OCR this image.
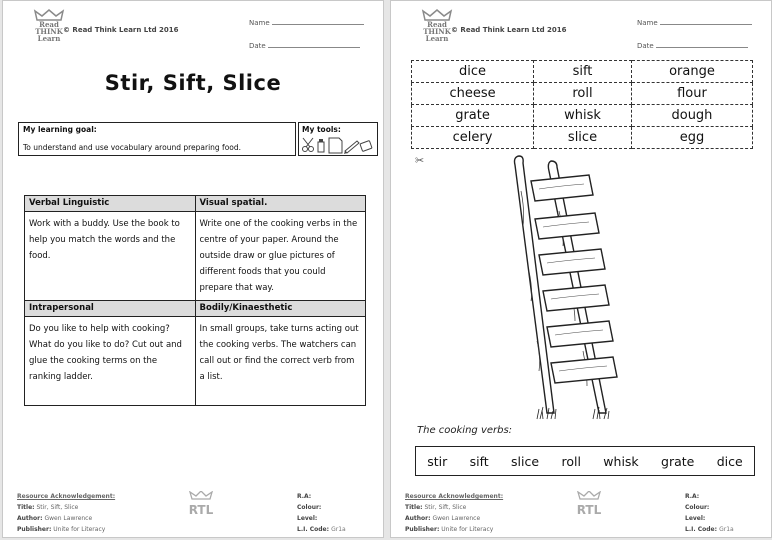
Read
THINK
Learn
© Read Think Learn Ltd 2016
Name
Date
Stir, Sift, Slice
My learning goal:
To understand and use vocabulary around preparing food.
My tools:
Verbal Linguistic	Visual spatial.
Work with a buddy. Use the book to help you match the words and the food.	Write one of the cooking verbs in the centre of your paper. Around the outside draw or glue pictures of different foods that you could prepare that way.
Intrapersonal	Bodily/Kinaesthetic
Do you like to help with cooking? What do you like to do? Cut out and glue the cooking terms on the ranking ladder.	In small groups, take turns acting out the cooking verbs. The watchers can call out or find the correct verb from a list.
Resource Acknowledgement:
Title: Stir, Sift, Slice
Author: Gwen Lawrence
Publisher: Unite for Literacy
RTL
R.A:
Colour:
Level:
L.I. Code: Gr1a
Read
THINK
Learn
© Read Think Learn Ltd 2016
Name
Date
dice	sift	orange
cheese	roll	flour
grate	whisk	dough
celery	slice	egg
✂
The cooking verbs:
stir sift slice roll whisk grate dice
Resource Acknowledgement:
Title: Stir, Sift, Slice
Author: Gwen Lawrence
Publisher: Unite for Literacy
RTL
R.A:
Colour:
Level:
L.I. Code: Gr1a
